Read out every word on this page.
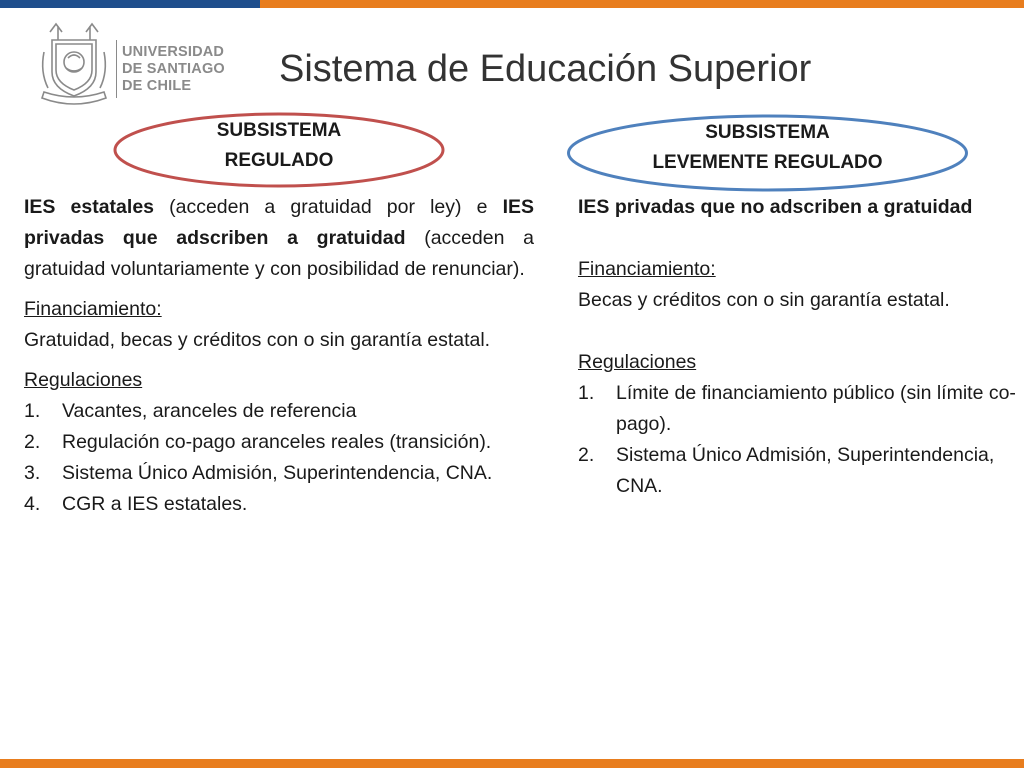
UNIVERSIDAD
DE SANTIAGO
DE CHILE	Sistema de Educación Superior
SUBSISTEMA
REGULADO
SUBSISTEMA
LEVEMENTE REGULADO
IES estatales (acceden a gratuidad por ley) e IES privadas que adscriben a gratuidad (acceden a gratuidad voluntariamente y con posibilidad de renunciar).
Financiamiento:
Gratuidad, becas y créditos con o sin garantía estatal.
Regulaciones
1. Vacantes, aranceles de referencia
2. Regulación co-pago aranceles reales (transición).
3. Sistema Único Admisión, Superintendencia, CNA.
4. CGR a IES estatales.
IES privadas que no adscriben a gratuidad
Financiamiento:
Becas y créditos con o sin garantía estatal.
Regulaciones
1. Límite de financiamiento público (sin límite co-pago).
2. Sistema Único Admisión, Superintendencia, CNA.
